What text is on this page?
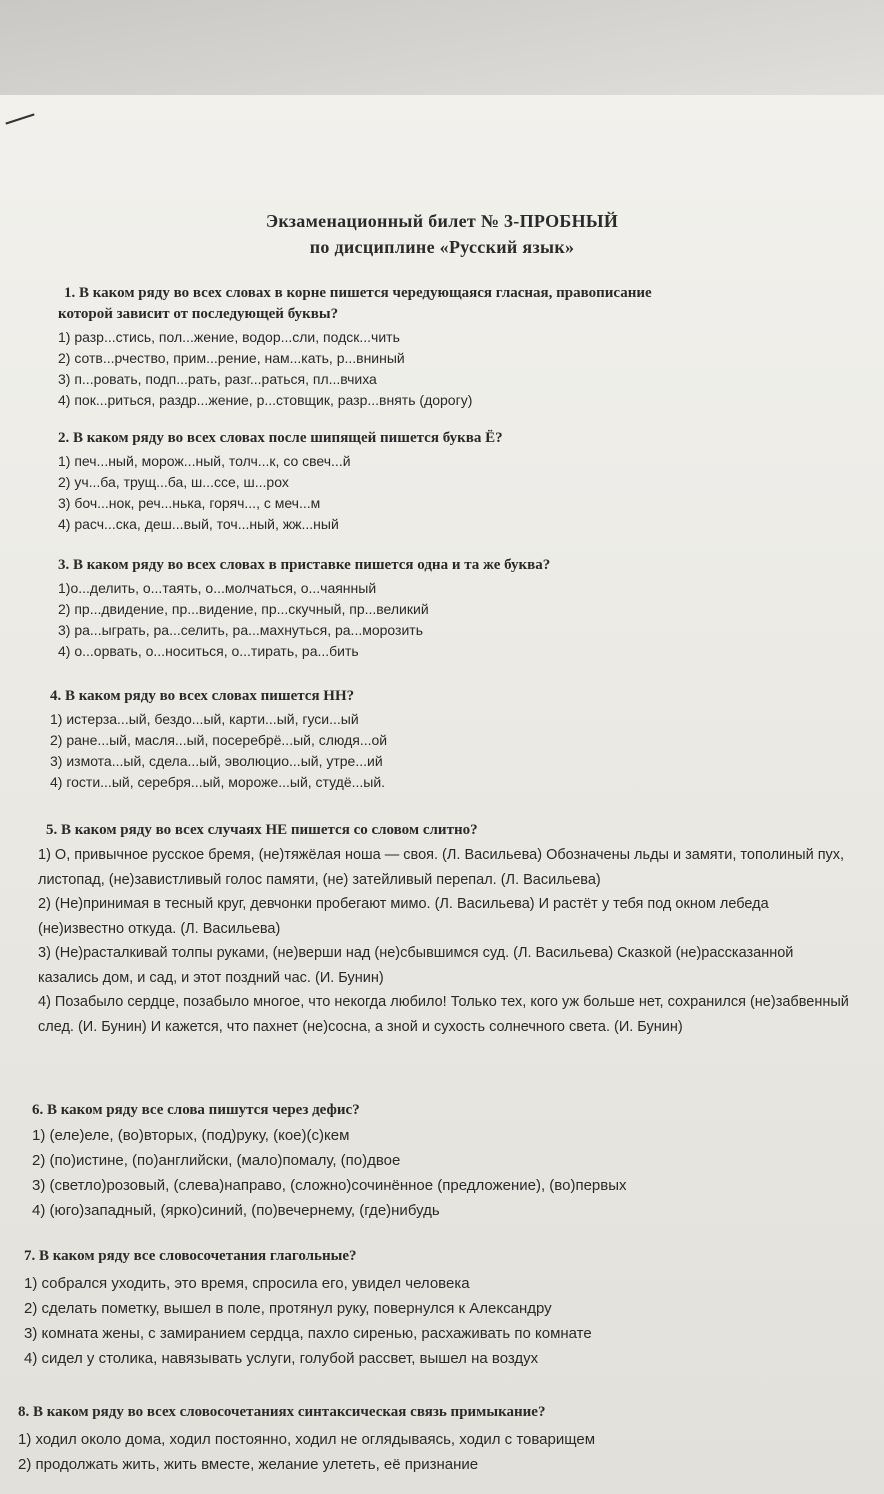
Экзаменационный билет № 3-ПРОБНЫЙ
по дисциплине «Русский язык»

1. В каком ряду во всех словах в корне пишется чередующаяся гласная, правописание

которой зависит от последующей буквы?

1) разр...стись, пол...жение, водор...сли, подск...чить

2) сотв...рчество, прим...рение, нам...кать, р...вниный

3) п...ровать, подп...рать, разг...раться, пл...вчиха

4) пок...риться, раздр...жение, р...стовщик, разр...внять (дорогу)

2. В каком ряду во всех словах после шипящей пишется буква Ё?

1) печ...ный, морож...ный, толч...к, со свеч...й

2) уч...ба, трущ...ба, ш...ссе, ш...рох

3) боч...нок, реч...нька, горяч..., с меч...м

4) расч...ска, деш...вый, точ...ный, жж...ный

3. В каком ряду во всех словах в приставке пишется одна и та же буква?

1)о...делить, о...таять, о...молчаться, о...чаянный

2) пр...двидение, пр...видение, пр...скучный, пр...великий

3) ра...ыграть, ра...селить, ра...махнуться, ра...морозить

4) о...орвать, о...носиться, о...тирать, ра...бить

4. В каком ряду во всех словах пишется НН?

1) истерза...ый, бездо...ый, карти...ый, гуси...ый

2) ране...ый, масля...ый, посеребрё...ый, слюдя...ой

3) измота...ый, сдела...ый, эволюцио...ый, утре...ий

4) гости...ый, серебря...ый, мороже...ый, студё...ый.

5. В каком ряду во всех случаях НЕ пишется со словом слитно?

1) О, привычное русское бремя, (не)тяжёлая ноша — своя. (Л. Васильева) Обозначены льды и замяти, тополиный пух, листопад, (не)завистливый голос памяти, (не) затейливый перепал. (Л. Васильева)

2) (Не)принимая в тесный круг, девчонки пробегают мимо. (Л. Васильева) И растёт у тебя под окном лебеда (не)известно откуда. (Л. Васильева)

3) (Не)расталкивай толпы руками, (не)верши над (не)сбывшимся суд. (Л. Васильева) Сказкой (не)рассказанной казались дом, и сад, и этот поздний час. (И. Бунин)

4) Позабыло сердце, позабыло многое, что некогда любило! Только тех, кого уж больше нет, сохранился (не)забвенный след. (И. Бунин) И кажется, что пахнет (не)сосна, а зной и сухость солнечного света. (И. Бунин)

6. В каком ряду все слова пишутся через дефис?

1) (еле)еле, (во)вторых, (под)руку, (кое)(с)кем

2) (по)истине, (по)английски, (мало)помалу, (по)двое

3) (светло)розовый, (слева)направо, (сложно)сочинённое (предложение), (во)первых

4) (юго)западный, (ярко)синий, (по)вечернему, (где)нибудь

7. В каком ряду все словосочетания глагольные?

1) собрался уходить, это время, спросила его, увидел человека

2) сделать пометку, вышел в поле, протянул руку, повернулся к Александру

3) комната жены, с замиранием сердца, пахло сиренью, расхаживать по комнате

4) сидел у столика, навязывать услуги, голубой рассвет, вышел на воздух

8. В каком ряду во всех словосочетаниях синтаксическая связь примыкание?

1) ходил около дома, ходил постоянно, ходил не оглядываясь, ходил с товарищем

2) продолжать жить, жить вместе, желание улететь, её признание
